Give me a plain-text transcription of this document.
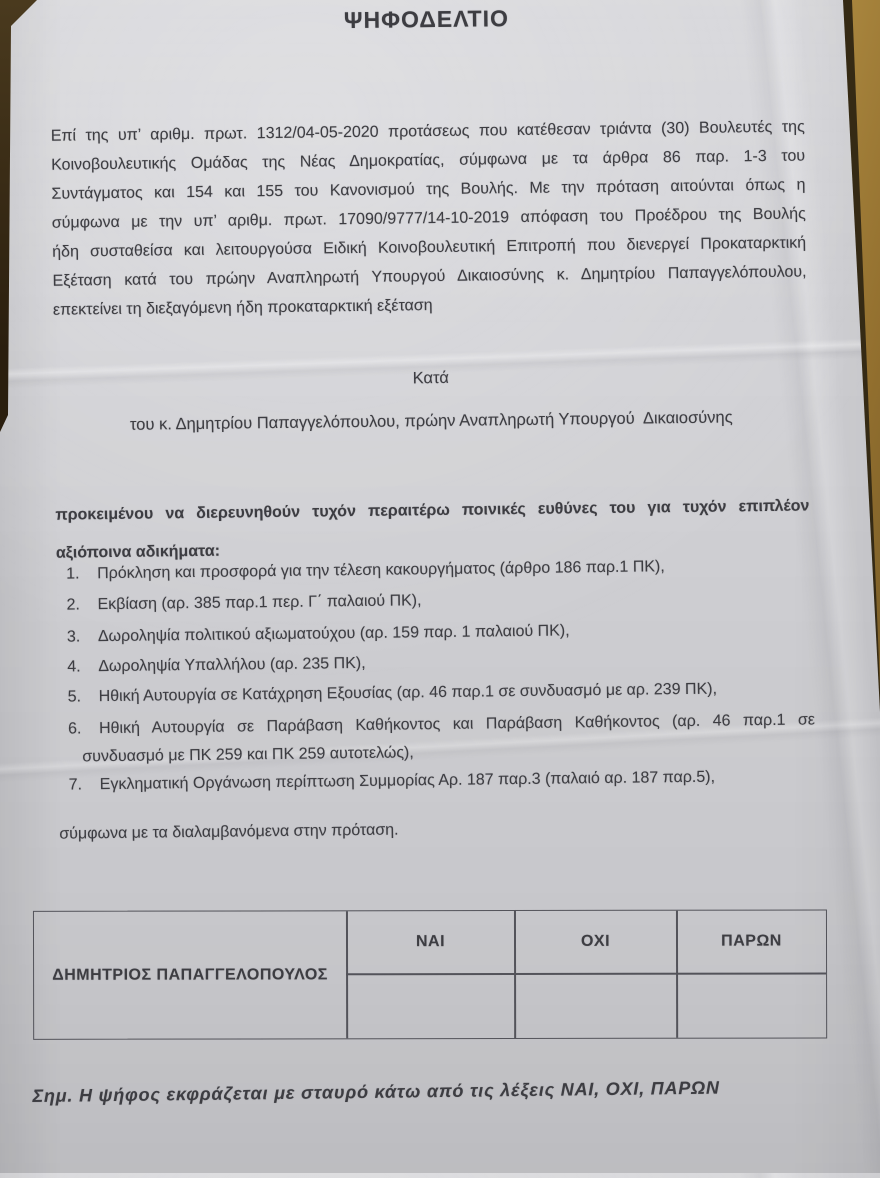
ΨΗΦΟΔΕΛΤΙΟ
Επί της υπ’ αριθμ. πρωτ. 1312/04-05-2020 προτάσεως που κατέθεσαν τριάντα (30) Βουλευτές της
Κοινοβουλευτικής Ομάδας της Νέας Δημοκρατίας, σύμφωνα με τα άρθρα 86 παρ. 1-3 του
Συντάγματος και 154 και 155 του Κανονισμού της Βουλής. Με την πρόταση αιτούνται όπως η
σύμφωνα με την υπ’ αριθμ. πρωτ. 17090/9777/14-10-2019 απόφαση του Προέδρου της Βουλής
ήδη συσταθείσα και λειτουργούσα Ειδική Κοινοβουλευτική Επιτροπή που διενεργεί Προκαταρκτική
Εξέταση κατά του πρώην Αναπληρωτή Υπουργού Δικαιοσύνης κ. Δημητρίου Παπαγγελόπουλου,
επεκτείνει τη διεξαγόμενη ήδη προκαταρκτική εξέταση
Κατά
του κ. Δημητρίου Παπαγγελόπουλου, πρώην Αναπληρωτή Υπουργού  Δικαιοσύνης
προκειμένου να διερευνηθούν τυχόν περαιτέρω ποινικές ευθύνες του για τυχόν επιπλέον
αξιόποινα αδικήματα:
1. Πρόκληση και προσφορά για την τέλεση κακουργήματος (άρθρο 186 παρ.1 ΠΚ),
2. Εκβίαση (αρ. 385 παρ.1 περ. Γ΄ παλαιού ΠΚ),
3. Δωροληψία πολιτικού αξιωματούχου (αρ. 159 παρ. 1 παλαιού ΠΚ),
4. Δωροληψία Υπαλλήλου (αρ. 235 ΠΚ),
5. Ηθική Αυτουργία σε Κατάχρηση Εξουσίας (αρ. 46 παρ.1 σε συνδυασμό με αρ. 239 ΠΚ),
6. Ηθική Αυτουργία σε Παράβαση Καθήκοντος και Παράβαση Καθήκοντος (αρ. 46 παρ.1 σε
συνδυασμό με ΠΚ 259 και ΠΚ 259 αυτοτελώς),
7. Εγκληματική Οργάνωση περίπτωση Συμμορίας Αρ. 187 παρ.3 (παλαιό αρ. 187 παρ.5),
σύμφωνα με τα διαλαμβανόμενα στην πρόταση.
ΔΗΜΗΤΡΙΟΣ ΠΑΠΑΓΓΕΛΟΠΟΥΛΟΣ
ΝΑΙ	ΟΧΙ	ΠΑΡΩΝ
Σημ. Η ψήφος εκφράζεται με σταυρό κάτω από τις λέξεις ΝΑΙ, ΟΧΙ, ΠΑΡΩΝ
